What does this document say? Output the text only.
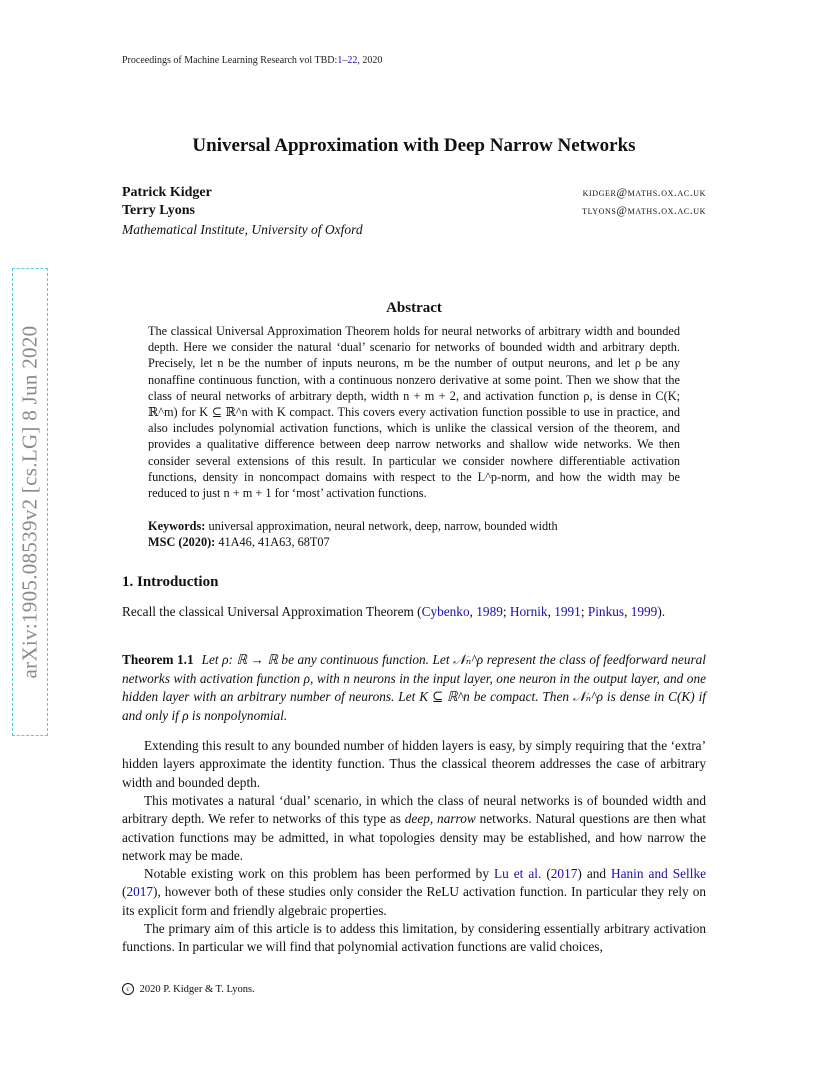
Proceedings of Machine Learning Research vol TBD:1–22, 2020
arXiv:1905.08539v2 [cs.LG] 8 Jun 2020
Universal Approximation with Deep Narrow Networks
Patrick Kidger	kidger@maths.ox.ac.uk
Terry Lyons	tlyons@maths.ox.ac.uk
Mathematical Institute, University of Oxford
Abstract
The classical Universal Approximation Theorem holds for neural networks of arbitrary width and bounded depth. Here we consider the natural ‘dual’ scenario for networks of bounded width and arbitrary depth. Precisely, let n be the number of inputs neurons, m be the number of output neurons, and let ρ be any nonaffine continuous function, with a continuous nonzero derivative at some point. Then we show that the class of neural networks of arbitrary depth, width n + m + 2, and activation function ρ, is dense in C(K; ℝ^m) for K ⊆ ℝ^n with K compact. This covers every activation function possible to use in practice, and also includes polynomial activation functions, which is unlike the classical version of the theorem, and provides a qualitative difference between deep narrow networks and shallow wide networks. We then consider several extensions of this result. In particular we consider nowhere differentiable activation functions, density in noncompact domains with respect to the L^p-norm, and how the width may be reduced to just n + m + 1 for ‘most’ activation functions.
Keywords: universal approximation, neural network, deep, narrow, bounded width
MSC (2020): 41A46, 41A63, 68T07
1. Introduction
Recall the classical Universal Approximation Theorem (Cybenko, 1989; Hornik, 1991; Pinkus, 1999).
Theorem 1.1 Let ρ: ℝ → ℝ be any continuous function. Let 𝒩ₙ^ρ represent the class of feedforward neural networks with activation function ρ, with n neurons in the input layer, one neuron in the output layer, and one hidden layer with an arbitrary number of neurons. Let K ⊆ ℝ^n be compact. Then 𝒩ₙ^ρ is dense in C(K) if and only if ρ is nonpolynomial.
Extending this result to any bounded number of hidden layers is easy, by simply requiring that the ‘extra’ hidden layers approximate the identity function. Thus the classical theorem addresses the case of arbitrary width and bounded depth.
This motivates a natural ‘dual’ scenario, in which the class of neural networks is of bounded width and arbitrary depth. We refer to networks of this type as deep, narrow networks. Natural questions are then what activation functions may be admitted, in what topologies density may be established, and how narrow the network may be made.
Notable existing work on this problem has been performed by Lu et al. (2017) and Hanin and Sellke (2017), however both of these studies only consider the ReLU activation function. In particular they rely on its explicit form and friendly algebraic properties.
The primary aim of this article is to addess this limitation, by considering essentially arbitrary activation functions. In particular we will find that polynomial activation functions are valid choices,
c 2020 P. Kidger & T. Lyons.
